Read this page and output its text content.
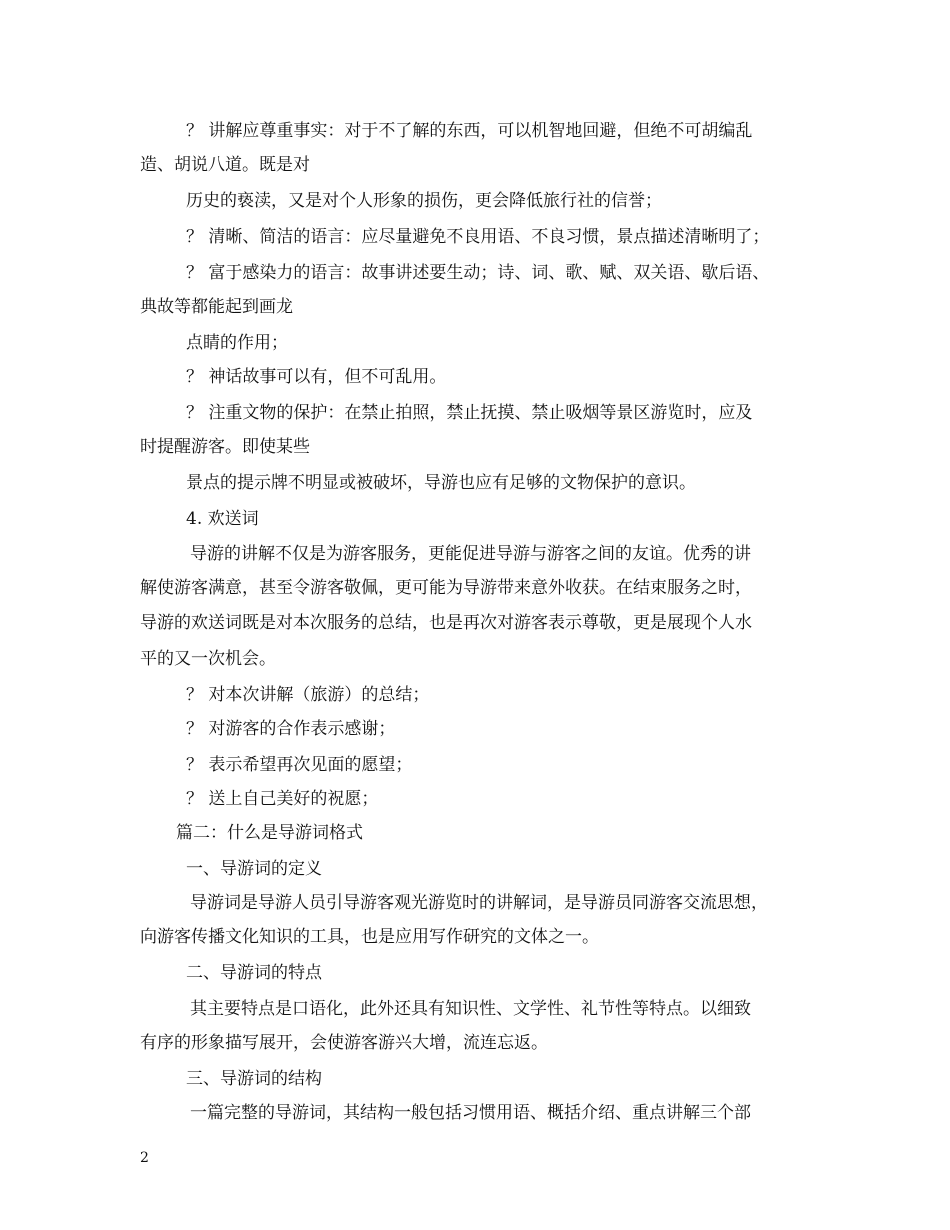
？ 讲解应尊重事实：对于不了解的东西，可以机智地回避，但绝不可胡编乱
造、胡说八道。既是对
历史的亵渎，又是对个人形象的损伤，更会降低旅行社的信誉；
？ 清晰、简洁的语言：应尽量避免不良用语、不良习惯，景点描述清晰明了；
？ 富于感染力的语言：故事讲述要生动；诗、词、歌、赋、双关语、歇后语、
典故等都能起到画龙
点睛的作用；
？ 神话故事可以有，但不可乱用。
？ 注重文物的保护：在禁止拍照，禁止抚摸、禁止吸烟等景区游览时，应及
时提醒游客。即使某些
景点的提示牌不明显或被破坏，导游也应有足够的文物保护的意识。
4. 欢送词
导游的讲解不仅是为游客服务，更能促进导游与游客之间的友谊。优秀的讲
解使游客满意，甚至令游客敬佩，更可能为导游带来意外收获。在结束服务之时，
导游的欢送词既是对本次服务的总结，也是再次对游客表示尊敬，更是展现个人水
平的又一次机会。
？ 对本次讲解（旅游）的总结；
？ 对游客的合作表示感谢；
？ 表示希望再次见面的愿望；
？ 送上自己美好的祝愿；
篇二：什么是导游词格式
一、导游词的定义
导游词是导游人员引导游客观光游览时的讲解词，是导游员同游客交流思想，
向游客传播文化知识的工具，也是应用写作研究的文体之一。
二、导游词的特点
其主要特点是口语化，此外还具有知识性、文学性、礼节性等特点。以细致
有序的形象描写展开，会使游客游兴大增，流连忘返。
三、导游词的结构
一篇完整的导游词，其结构一般包括习惯用语、概括介绍、重点讲解三个部
2
